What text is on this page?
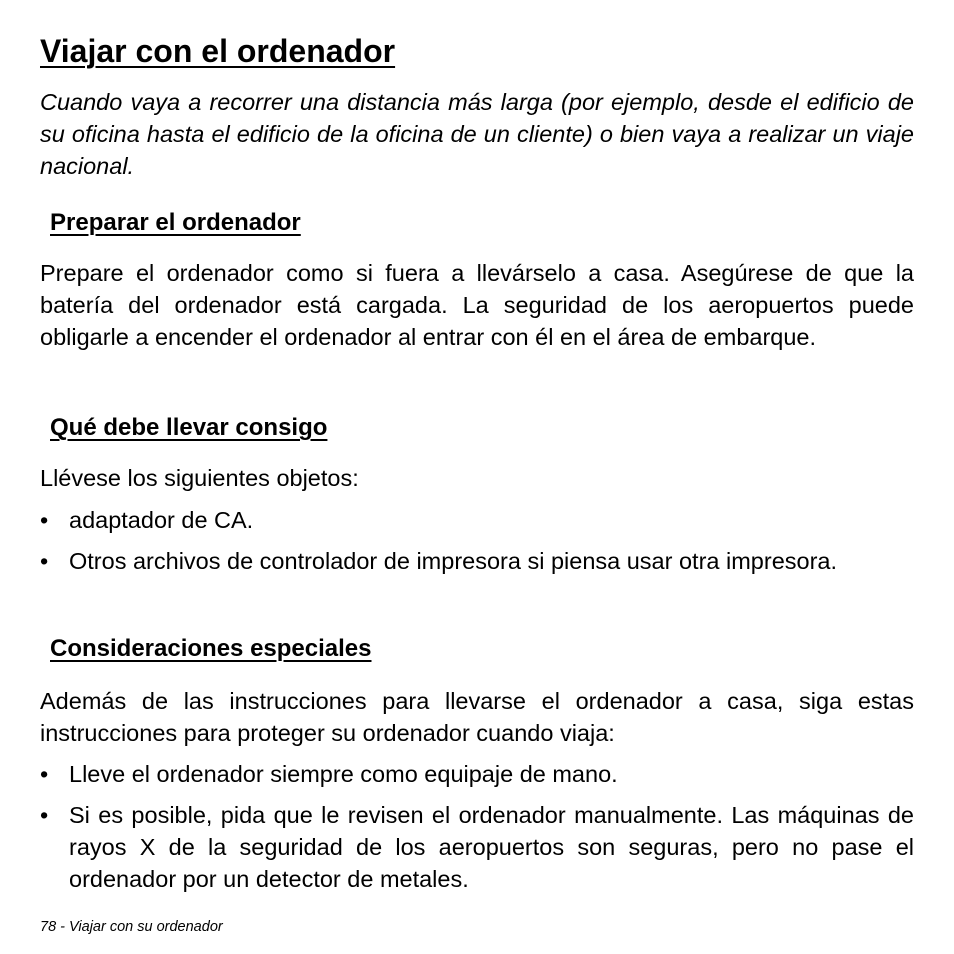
Viajar con el ordenador

Cuando vaya a recorrer una distancia más larga (por ejemplo, desde el edificio de su oficina hasta el edificio de la oficina de un cliente) o bien vaya a realizar un viaje nacional.

Preparar el ordenador

Prepare el ordenador como si fuera a llevárselo a casa. Asegúrese de que la batería del ordenador está cargada. La seguridad de los aeropuertos puede obligarle a encender el ordenador al entrar con él en el área de embarque.

Qué debe llevar consigo

Llévese los siguientes objetos:

• adaptador de CA.
• Otros archivos de controlador de impresora si piensa usar otra impresora.
Consideraciones especiales

Además de las instrucciones para llevarse el ordenador a casa, siga estas instrucciones para proteger su ordenador cuando viaja:

• Lleve el ordenador siempre como equipaje de mano.
• Si es posible, pida que le revisen el ordenador manualmente. Las máquinas de rayos X de la seguridad de los aeropuertos son seguras, pero no pase el ordenador por un detector de metales.
78 - Viajar con su ordenador
